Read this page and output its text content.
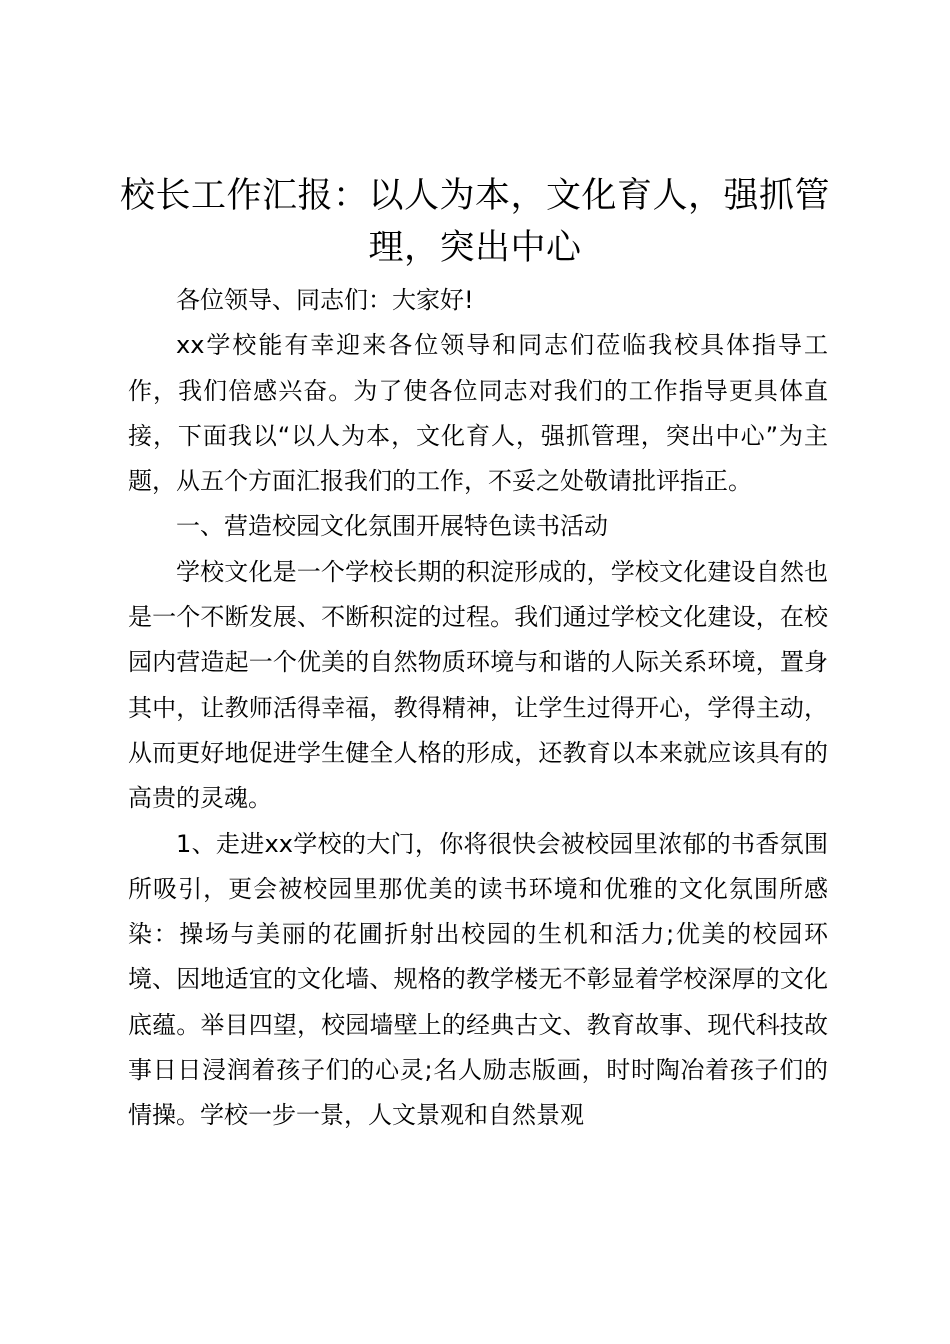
校长工作汇报：以人为本，文化育人，强抓管理，突出中心

各位领导、同志们：大家好!

xx学校能有幸迎来各位领导和同志们莅临我校具体指导工作，我们倍感兴奋。为了使各位同志对我们的工作指导更具体直接，下面我以“以人为本，文化育人，强抓管理，突出中心”为主题，从五个方面汇报我们的工作，不妥之处敬请批评指正。

一、营造校园文化氛围开展特色读书活动

学校文化是一个学校长期的积淀形成的，学校文化建设自然也是一个不断发展、不断积淀的过程。我们通过学校文化建设，在校园内营造起一个优美的自然物质环境与和谐的人际关系环境，置身其中，让教师活得幸福，教得精神，让学生过得开心，学得主动，从而更好地促进学生健全人格的形成，还教育以本来就应该具有的高贵的灵魂。

1、走进xx学校的大门，你将很快会被校园里浓郁的书香氛围所吸引，更会被校园里那优美的读书环境和优雅的文化氛围所感染：操场与美丽的花圃折射出校园的生机和活力;优美的校园环境、因地适宜的文化墙、规格的教学楼无不彰显着学校深厚的文化底蕴。举目四望，校园墙壁上的经典古文、教育故事、现代科技故事日日浸润着孩子们的心灵;名人励志版画，时时陶冶着孩子们的情操。学校一步一景，人文景观和自然景观
